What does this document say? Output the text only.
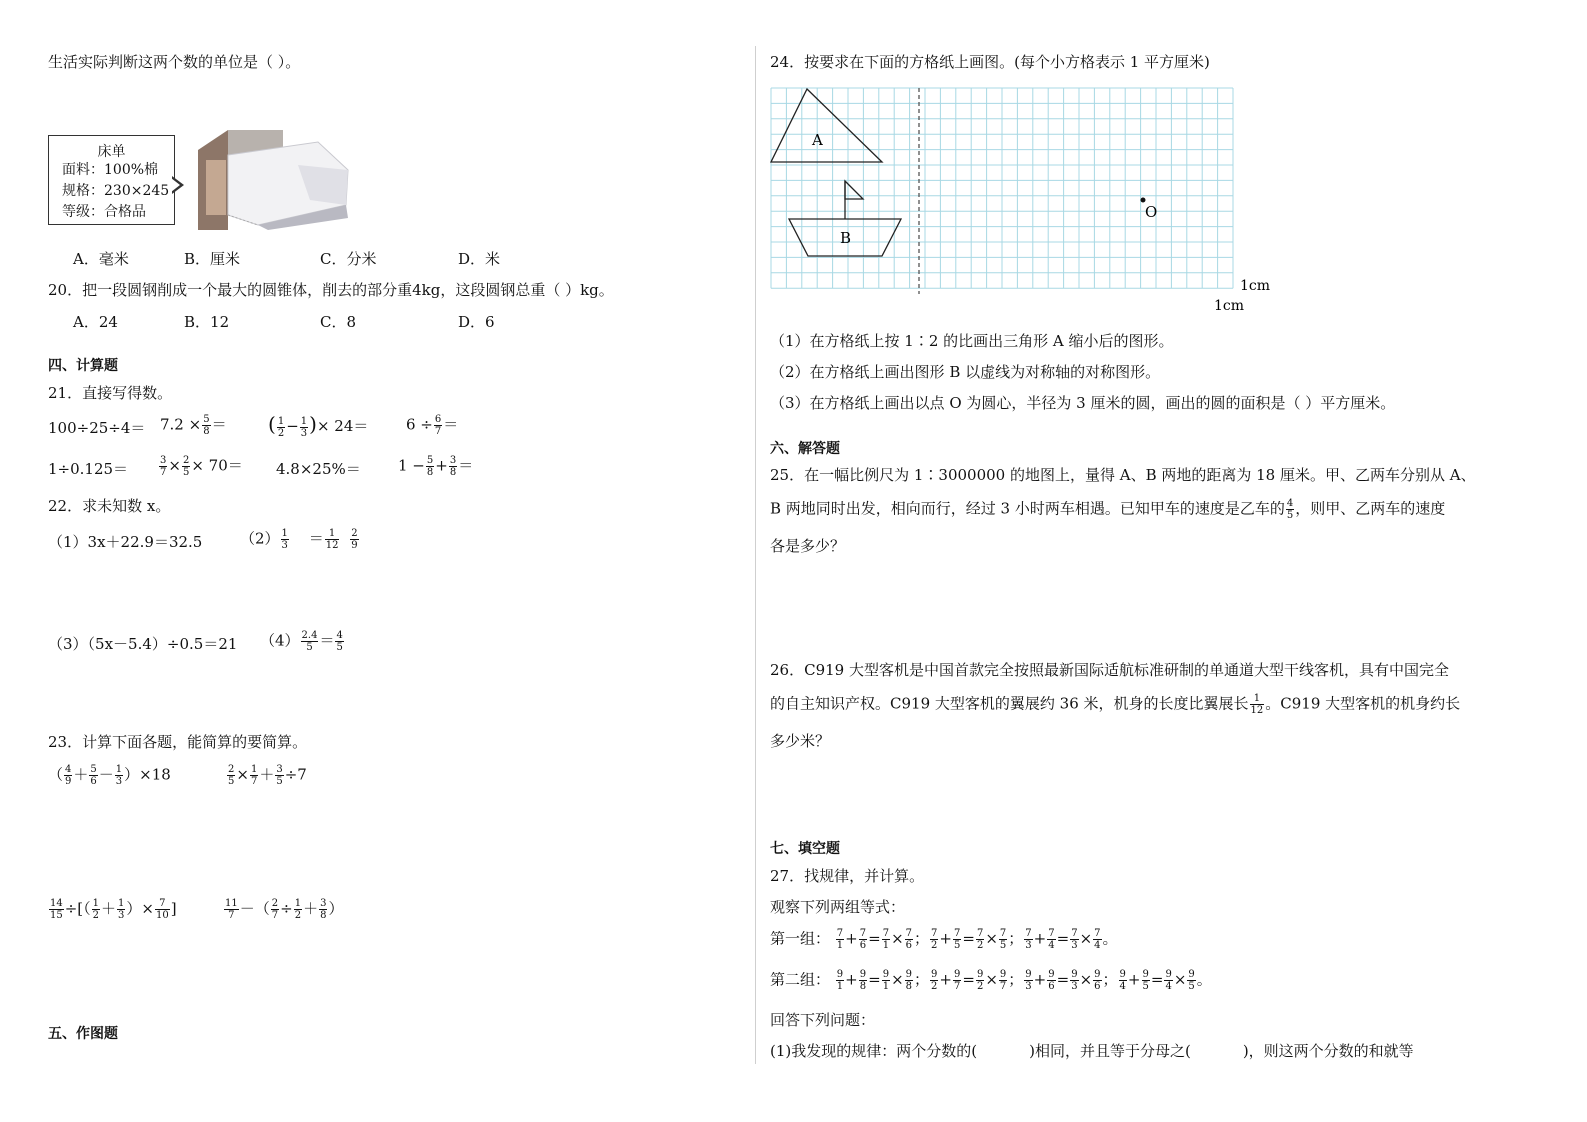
生活实际判断这两个数的单位是（ ）。
床单
面料：100%棉
规格：230×245
等级：合格品
A．毫米	B．厘米	C．分米	D．米
20．把一段圆钢削成一个最大的圆锥体，削去的部分重4kg，这段圆钢总重（ ）kg。
A．24	B．12	C．8	D．6
四、计算题
21．直接写得数。
$100\div 25\div 4= 7.2 \times \frac{5}{8}$ ＝ ( $\frac{1}{2} - \frac{1}{3}$ )× 24＝	$6 \div \frac{6}{7}$ ＝
1÷0.125＝	$\frac{3}{7} \times \frac{2}{5} \times 70= 4.8\times 25\%= 1 - \frac{5}{8} + \frac{3}{8}$ ＝
22．求未知数 x。
（1）3x＋22.9＝32.5	$(2) \frac{1}{3} = \frac{1}{12}$
$\frac{2}{9}$
（3）（5x－5.4）÷0.5＝21 $(4) \frac{2.4}{5} = \frac{4}{5}$
23．计算下面各题，能简算的要简算。
（ $\frac{4}{9} + \frac{5}{6} - \frac{1}{3} )\times 18$	$\frac{2}{5} \times \frac{1}{7} + \frac{3}{5} \div 7$
$\frac{14}{15}$ ÷[（ $\frac{1}{2} + \frac{1}{3}$ ）× $\frac{7}{10}$ ]	$\frac{11}{7}$ －（ $\frac{2}{7} \div \frac{1}{2} + \frac{3}{8}$ ）
五、作图题
24．按要求在下面的方格纸上画图。(每个小方格表示 1 平方厘米)
A
B
O
1cm
1cm
（1）在方格纸上按 1∶2 的比画出三角形 A 缩小后的图形。
（2）在方格纸上画出图形 B 以虚线为对称轴的对称图形。
（3）在方格纸上画出以点 O 为圆心，半径为 3 厘米的圆，画出的圆的面积是（ ）平方厘米。
六、解答题
25．在一幅比例尺为 1∶3000000 的地图上，量得 A、B 两地的距离为 18 厘米。甲、乙两车分别从 A、
B 两地同时出发，相向而行，经过 3 小时两车相遇。已知甲车的速度是乙车的 $\frac{4}{5}$ ，则甲、乙两车的速度
各是多少？
26．C919 大型客机是中国首款完全按照最新国际适航标准研制的单通道大型干线客机，具有中国完全
的自主知识产权。C919 大型客机的翼展约 36 米，机身的长度比翼展长 $\frac{1}{12}$ 。C919 大型客机的机身约长
多少米？
七、填空题
27．找规律，并计算。
观察下列两组等式：
第一组： $\frac{7}{1} + \frac{7}{6} = \frac{7}{1} \times \frac{7}{6}$ ； $\frac{7}{2} + \frac{7}{5} = \frac{7}{2} \times \frac{7}{5}$ ； $\frac{7}{3} + \frac{7}{4} = \frac{7}{3} \times \frac{7}{4}$ 。
第二组： $\frac{9}{1} + \frac{9}{8} = \frac{9}{1} \times \frac{9}{8}$ ； $\frac{9}{2} + \frac{9}{7} = \frac{9}{2} \times \frac{9}{7}$ ； $\frac{9}{3} + \frac{9}{6} = \frac{9}{3} \times \frac{9}{6}$ ； $\frac{9}{4} + \frac{9}{5} = \frac{9}{4} \times \frac{9}{5}$ 。
回答下列问题：
(1)我发现的规律：两个分数的(	)相同，并且等于分母之(	)，则这两个分数的和就等
